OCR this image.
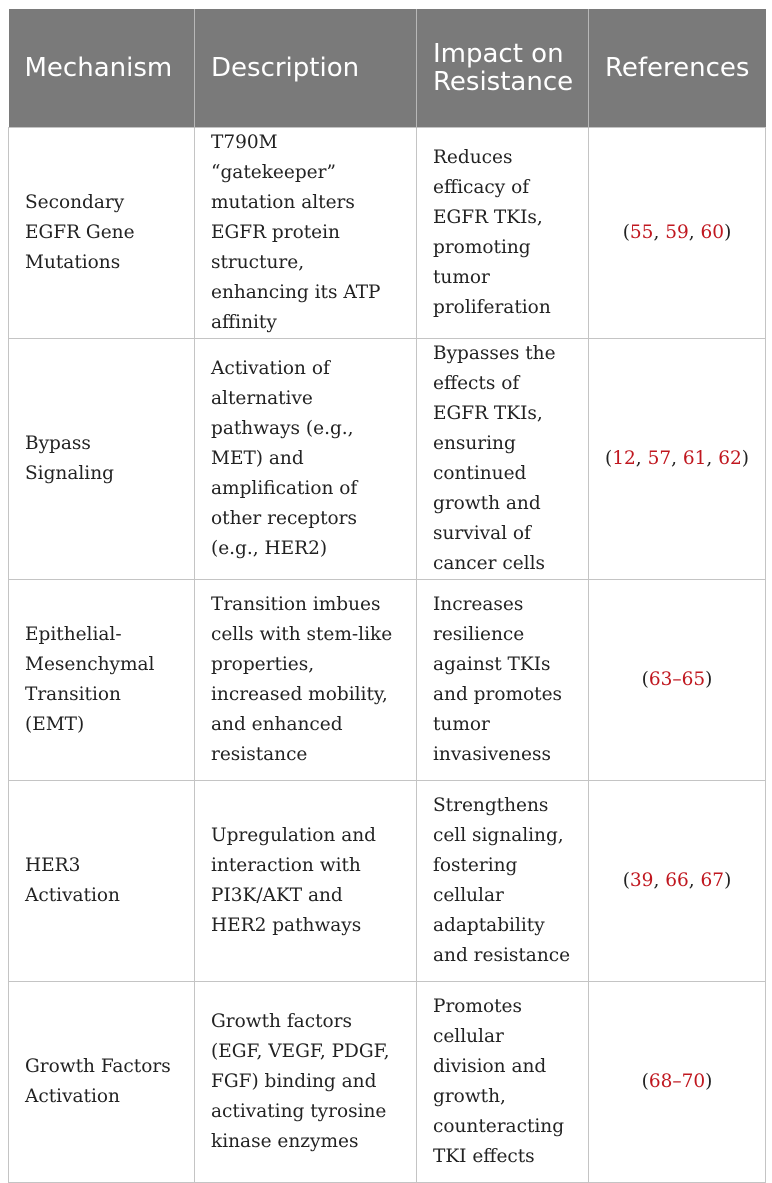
Mechanism	Description	Impact on Resistance	References
Secondary EGFR Gene Mutations	T790M “gatekeeper” mutation alters EGFR protein structure, enhancing its ATP affinity	Reduces efficacy of EGFR TKIs, promoting tumor proliferation	(55, 59, 60)
Bypass Signaling	Activation of alternative pathways (e.g., MET) and amplification of other receptors (e.g., HER2)	Bypasses the effects of EGFR TKIs, ensuring continued growth and survival of cancer cells	(12, 57, 61, 62)
Epithelial-Mesenchymal Transition (EMT)	Transition imbues cells with stem-like properties, increased mobility, and enhanced resistance	Increases resilience against TKIs and promotes tumor invasiveness	(63–65)
HER3 Activation	Upregulation and interaction with PI3K/AKT and HER2 pathways	Strengthens cell signaling, fostering cellular adaptability and resistance	(39, 66, 67)
Growth Factors Activation	Growth factors (EGF, VEGF, PDGF, FGF) binding and activating tyrosine kinase enzymes	Promotes cellular division and growth, counteracting TKI effects	(68–70)
